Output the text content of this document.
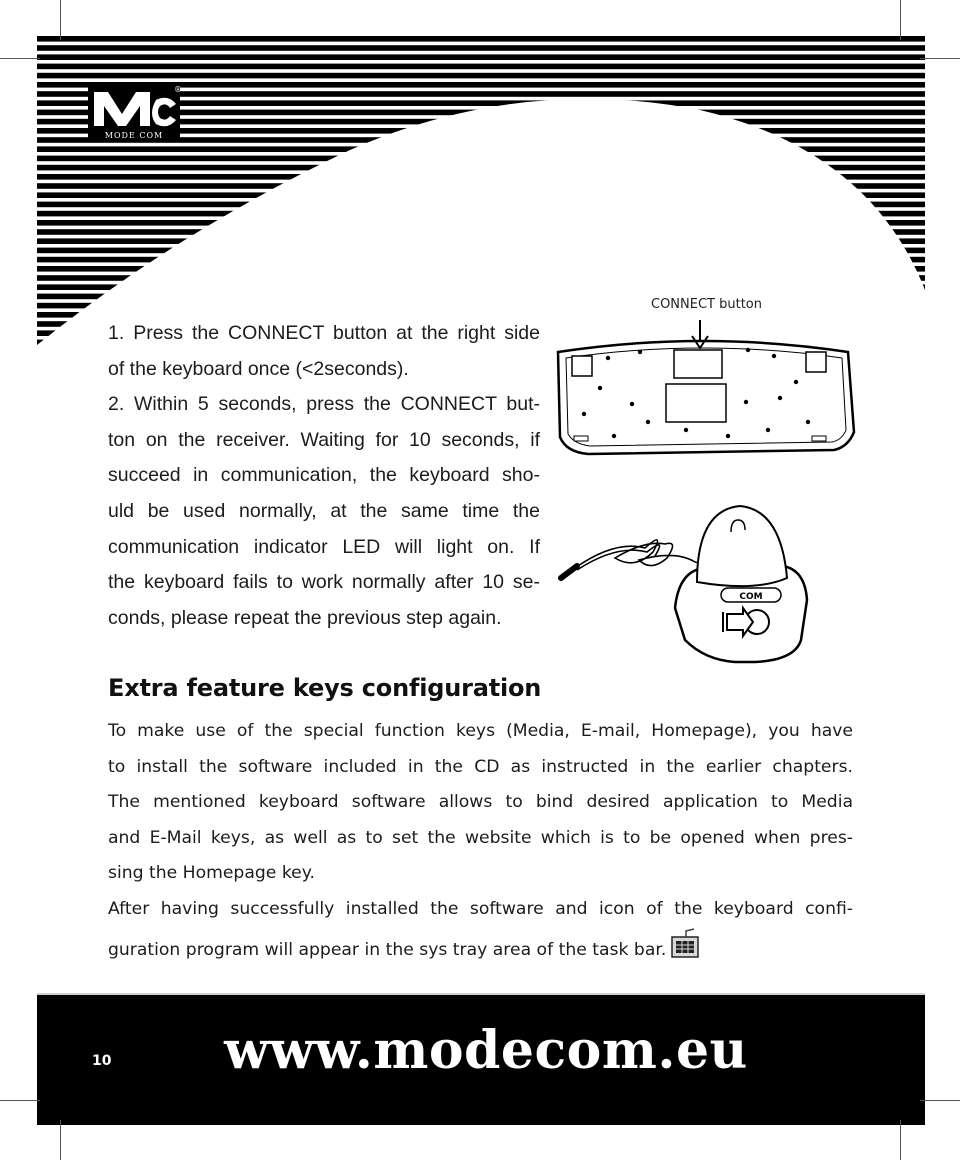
MODE COM
®
1. Press the CONNECT button at the right side
of the keyboard once (<2seconds).
2. Within 5 seconds, press the CONNECT but-
ton on the receiver. Waiting for 10 seconds, if
succeed in communication, the keyboard sho-
uld be used normally, at the same time the
communication indicator LED will light on. If
the keyboard fails to work normally after 10 se-
conds, please repeat the previous step again.
CONNECT button
COM
Extra feature keys configuration
To make use of the special function keys (Media, E-mail, Homepage), you have
to install the software included in the CD as instructed in the earlier chapters.
The mentioned keyboard software allows to bind desired application to Media
and E-Mail keys, as well as to set the website which is to be opened when pres-
sing the Homepage key.
After having successfully installed the software and icon of the keyboard confi-
guration program will appear in the sys tray area of the task bar.
10	www.modecom.eu
